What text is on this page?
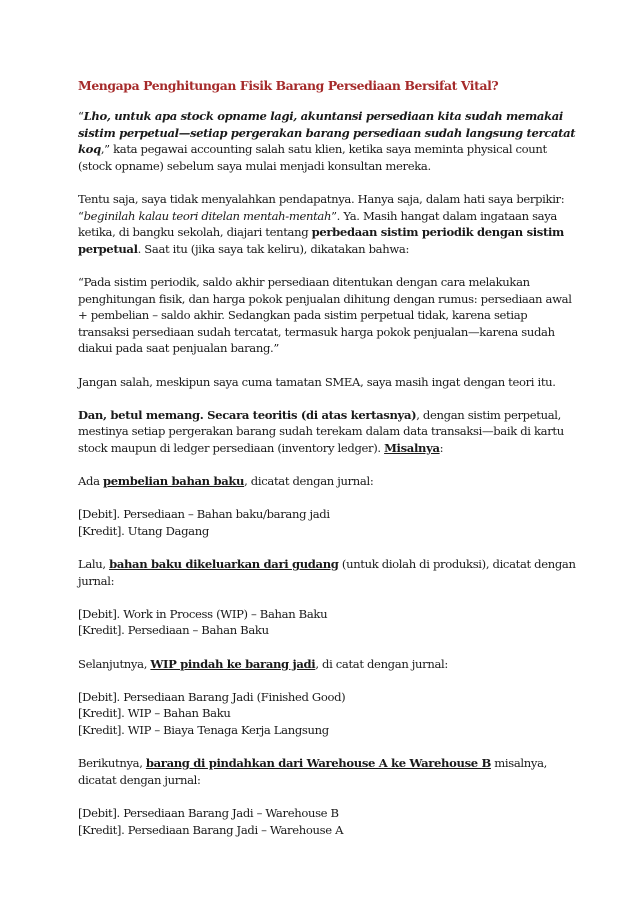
Mengapa Penghitungan Fisik Barang Persediaan Bersifat Vital?

“Lho, untuk apa stock opname lagi, akuntansi persediaan kita sudah memakai sistim perpetual—setiap pergerakan barang persediaan sudah langsung tercatat koq,” kata pegawai accounting salah satu klien, ketika saya meminta physical count (stock opname) sebelum saya mulai menjadi konsultan mereka.

Tentu saja, saya tidak menyalahkan pendapatnya. Hanya saja, dalam hati saya berpikir: “beginilah kalau teori ditelan mentah-mentah”. Ya. Masih hangat dalam ingataan saya ketika, di bangku sekolah, diajari tentang perbedaan sistim periodik dengan sistim perpetual. Saat itu (jika saya tak keliru), dikatakan bahwa:

“Pada sistim periodik, saldo akhir persediaan ditentukan dengan cara melakukan penghitungan fisik, dan harga pokok penjualan dihitung dengan rumus: persediaan awal + pembelian – saldo akhir. Sedangkan pada sistim perpetual tidak, karena setiap transaksi persediaan sudah tercatat, termasuk harga pokok penjualan—karena sudah diakui pada saat penjualan barang.”

Jangan salah, meskipun saya cuma tamatan SMEA, saya masih ingat dengan teori itu.

Dan, betul memang. Secara teoritis (di atas kertasnya), dengan sistim perpetual, mestinya setiap pergerakan barang sudah terekam dalam data transaksi—baik di kartu stock maupun di ledger persediaan (inventory ledger). Misalnya:

Ada pembelian bahan baku, dicatat dengan jurnal:

[Debit]. Persediaan – Bahan baku/barang jadi
[Kredit]. Utang Dagang

Lalu, bahan baku dikeluarkan dari gudang (untuk diolah di produksi), dicatat dengan jurnal:

[Debit]. Work in Process (WIP) – Bahan Baku
[Kredit]. Persediaan – Bahan Baku

Selanjutnya, WIP pindah ke barang jadi, di catat dengan jurnal:

[Debit]. Persediaan Barang Jadi (Finished Good)
[Kredit]. WIP – Bahan Baku
[Kredit]. WIP – Biaya Tenaga Kerja Langsung

Berikutnya, barang di pindahkan dari Warehouse A ke Warehouse B misalnya, dicatat dengan jurnal:

[Debit]. Persediaan Barang Jadi – Warehouse B
[Kredit]. Persediaan Barang Jadi – Warehouse A
